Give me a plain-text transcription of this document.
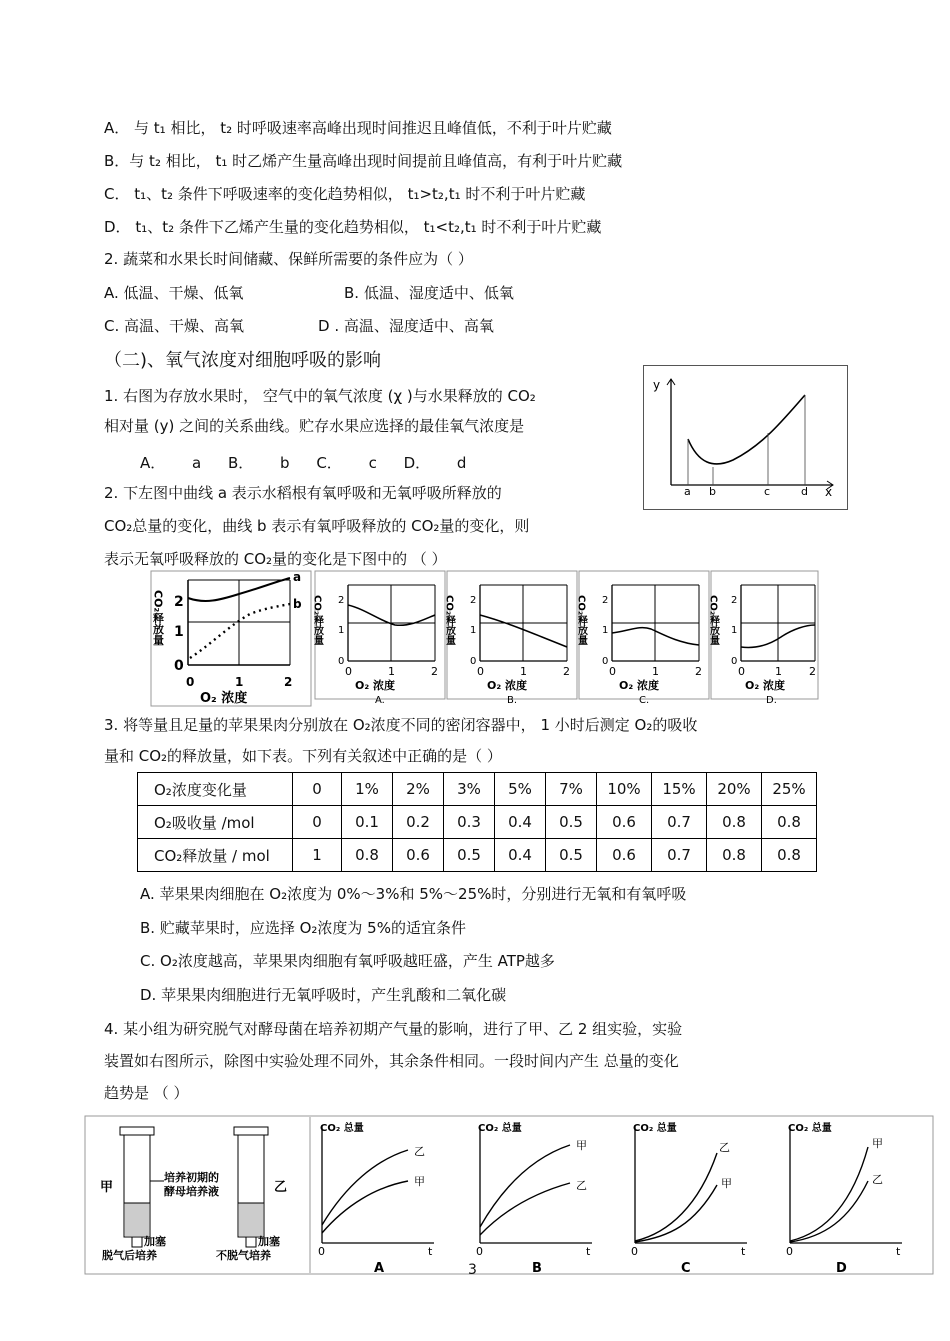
A． 与 t₁ 相比， t₂ 时呼吸速率高峰出现时间推迟且峰值低，不利于叶片贮藏
B．与 t₂ 相比， t₁ 时乙烯产生量高峰出现时间提前且峰值高，有利于叶片贮藏
C． t₁、t₂ 条件下呼吸速率的变化趋势相似， t₁>t₂,t₁ 时不利于叶片贮藏
D． t₁、t₂ 条件下乙烯产生量的变化趋势相似， t₁<t₂,t₁ 时不利于叶片贮藏
2. 蔬菜和水果长时间储藏、保鲜所需要的条件应为（ ）
A. 低温、干燥、低氧	B. 低温、湿度适中、低氧
C. 高温、干燥、高氧	D . 高温、湿度适中、高氧
（二)、氧气浓度对细胞呼吸的影响
1. 右图为存放水果时， 空气中的氧气浓度 (χ )与水果释放的 CO₂
相对量 (y) 之间的关系曲线。贮存水果应选择的最佳氧气浓度是
A． a B． b C． c D． d
y
x
a b	c	d
2. 下左图中曲线 a 表示水稻根有氧呼吸和无氧呼吸所释放的
CO₂总量的变化，曲线 b 表示有氧呼吸释放的 CO₂量的变化，则
表示无氧呼吸释放的 CO₂量的变化是下图中的 （ ）
CO₂释放量 2
1
0
a
b
0	1	2
O₂ 浓度
CO₂释放量 2
1
0
0	1	2
O₂ 浓度
A.
CO₂释放量 2
1
0
0	1	2
O₂ 浓度
B.
CO₂释放量 2
1
0
0	1	2
O₂ 浓度
C.
CO₂释放量 2
1
0
0	1 2
O₂ 浓度
D.
3. 将等量且足量的苹果果肉分别放在 O₂浓度不同的密闭容器中， 1 小时后测定 O₂的吸收
量和 CO₂的释放量，如下表。下列有关叙述中正确的是（ ）
O₂浓度变化量	0	1%	2%	3%	5%	7%	10%	15%	20%	25%
O₂吸收量 /mol	0	0.1	0.2	0.3	0.4	0.5	0.6	0.7	0.8	0.8
CO₂释放量 / mol	1	0.8	0.6	0.5	0.4	0.5	0.6	0.7	0.8	0.8
A. 苹果果肉细胞在 O₂浓度为 0%～3%和 5%～25%时，分别进行无氧和有氧呼吸
B. 贮藏苹果时，应选择 O₂浓度为 5%的适宜条件
C. O₂浓度越高，苹果果肉细胞有氧呼吸越旺盛，产生 ATP越多
D. 苹果果肉细胞进行无氧呼吸时，产生乳酸和二氧化碳
4. 某小组为研究脱气对酵母菌在培养初期产气量的影响，进行了甲、乙 2 组实验，实验
装置如右图所示，除图中实验处理不同外，其余条件相同。一段时间内产生 总量的变化
趋势是 （ ）
甲
培养初期的
酵母培养液
加塞
脱气后培养
乙
加塞
不脱气培养
CO₂ 总量
乙
甲
0	t
A
CO₂ 总量
甲
乙
0	t
B
CO₂ 总量
乙
甲
0	t
C
CO₂ 总量
甲
乙
0	t
D
3
